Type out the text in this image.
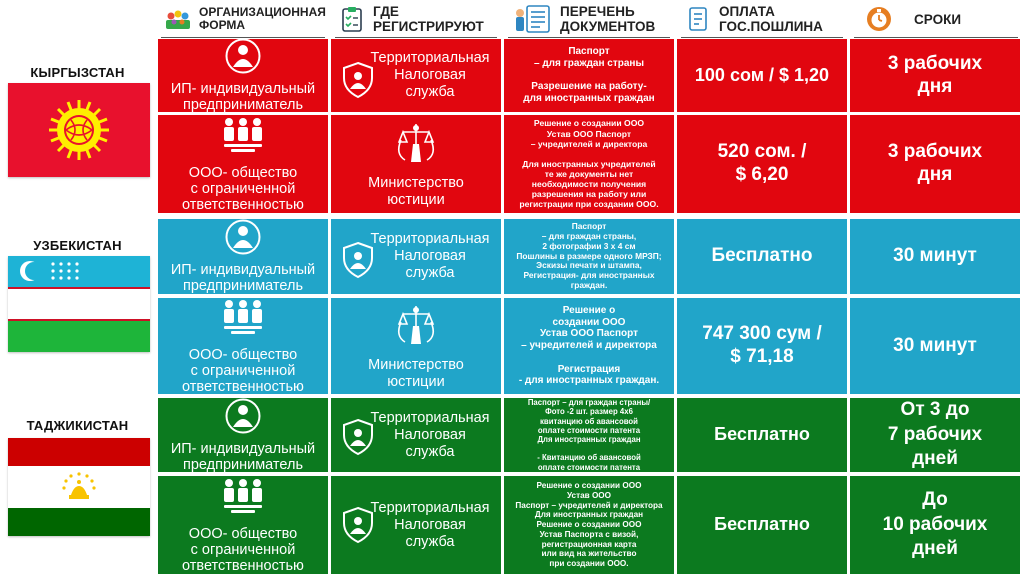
ОРГАНИЗАЦИОННАЯ
ФОРМА
ГДЕ
РЕГИСТРИРУЮТ
ПЕРЕЧЕНЬ
ДОКУМЕНТОВ
ОПЛАТА
ГОС.ПОШЛИНА	СРОКИ
КЫРГЫЗСТАН
УЗБЕКИСТАН
ТАДЖИКИСТАН
ИП- индивидуальный
предприниматель
Территориальная
Налоговая
служба
Паспорт
– для граждан страны

Разрешение на работу-
для иностранных граждан
100 сом / $ 1,20
3 рабочих
дня
ООО- общество
с ограниченной
ответственностью
Министерство
юстиции
Решение о создании ООО
Устав ООО Паспорт
– учредителей и директора

Для иностранных учредителей
те же документы нет
необходимости получения
разрешения на работу или
регистрации при создании ООО.
520 сом. /
$ 6,20
3 рабочих
дня
ИП- индивидуальный
предприниматель
Территориальная
Налоговая
служба
Паспорт
– для граждан страны,
2 фотографии 3 х 4 см
Пошлины в размере одного МРЗП;
Эскизы печати и штампа,
Регистрация- для иностранных
граждан.
Бесплатно	30 минут
ООО- общество
с ограниченной
ответственностью
Министерство
юстиции
Решение о
создании ООО
Устав ООО Паспорт
– учредителей и директора

Регистрация
- для иностранных граждан.
747 300 сум /
$ 71,18
30 минут
ИП- индивидуальный
предприниматель
Территориальная
Налоговая
служба
Паспорт – для граждан страны/
Фото -2 шт. размер 4х6
квитанцию об авансовой
оплате стоимости патента
Для иностранных граждан

- Квитанцию об авансовой
оплате стоимости патента
Бесплатно
От 3 до
7 рабочих
дней
ООО- общество
с ограниченной
ответственностью
Территориальная
Налоговая
служба
Решение о создании ООО
Устав ООО
Паспорт – учредителей и директора
Для иностранных граждан
Решение о создании ООО
Устав Паспорта с визой,
регистрационная карта
или вид на жительство
при создании ООО.
Бесплатно
До
10 рабочих
дней
